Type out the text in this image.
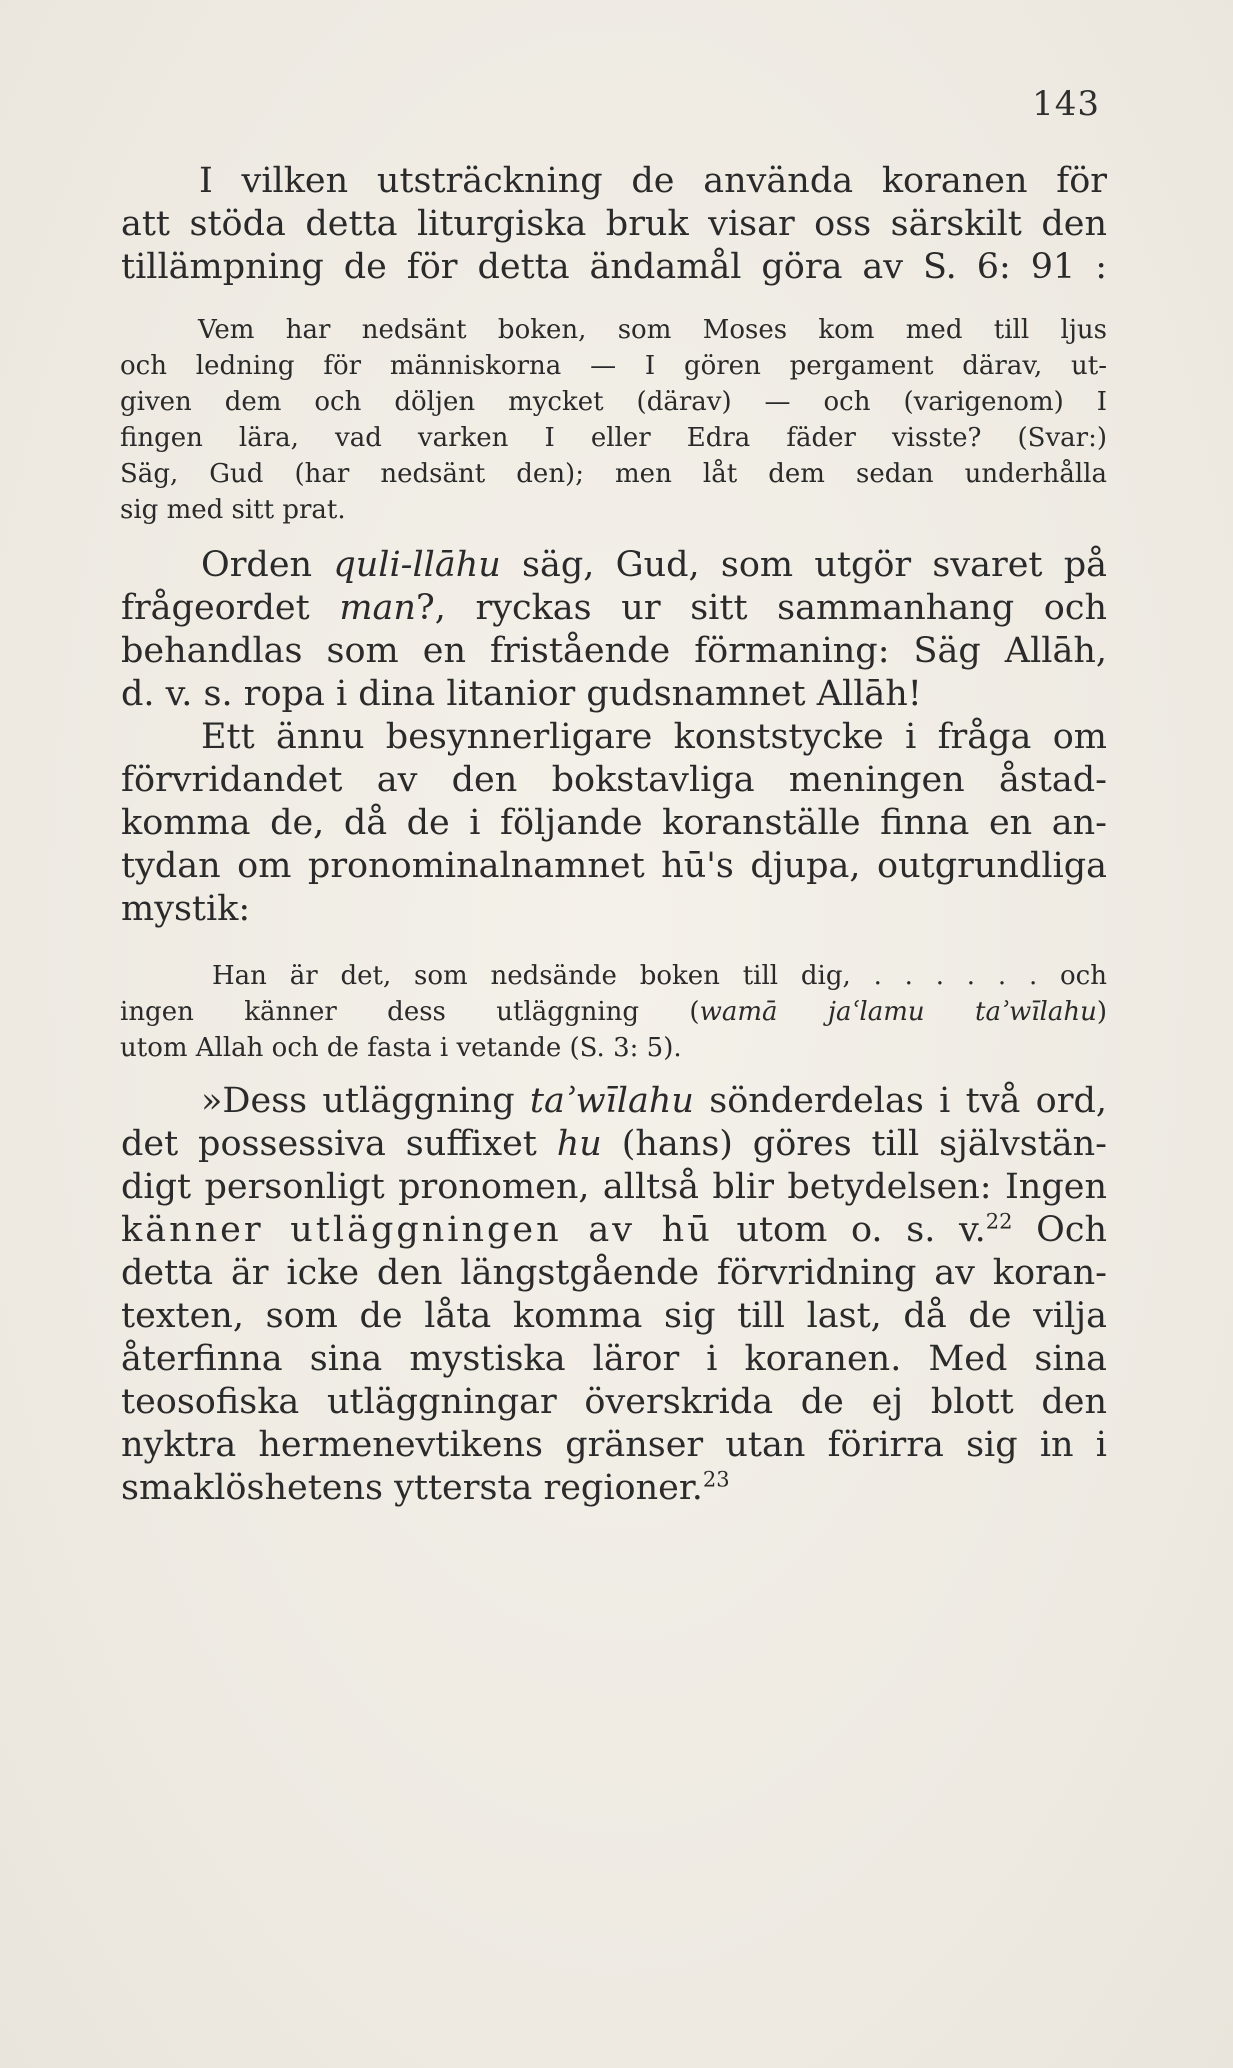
143

I vilken utsträckning de använda koranen för
att stöda detta liturgiska bruk visar oss särskilt den
tillämpning de för detta ändamål göra av S. 6: 91 :

Vem har nedsänt boken, som Moses kom med till ljus
och ledning för människorna — I gören pergament därav, ut-
given dem och döljen mycket (därav) — och (varigenom) I
fingen lära, vad varken I eller Edra fäder visste? (Svar:)
Säg, Gud (har nedsänt den); men låt dem sedan underhålla
sig med sitt prat.

Orden quli-llāhu säg, Gud, som utgör svaret på
frågeordet man?, ryckas ur sitt sammanhang och
behandlas som en fristående förmaning: Säg Allāh,
d. v. s. ropa i dina litanior gudsnamnet Allāh!

Ett ännu besynnerligare konststycke i fråga om
förvridandet av den bokstavliga meningen åstad-
komma de, då de i följande koranställe finna en an-
tydan om pronominalnamnet hū's djupa, outgrundliga
mystik:

Han är det, som nedsände boken till dig, . . . . . . och
ingen känner dess utläggning (wamā jaʿlamu taʾwīlahu)
utom Allah och de fasta i vetande (S. 3: 5).

»Dess utläggning taʾwīlahu sönderdelas i två ord,
det possessiva suffixet hu (hans) göres till självstän-
digt personligt pronomen, alltså blir betydelsen: Ingen
känner utläggningen av hū utom o. s. v.$^{22}$ Och
detta är icke den längstgående förvridning av koran-
texten, som de låta komma sig till last, då de vilja
återfinna sina mystiska läror i koranen. Med sina
teosofiska utläggningar överskrida de ej blott den
nyktra hermenevtikens gränser utan förirra sig in i
smaklöshetens yttersta regioner.$^{23}$
